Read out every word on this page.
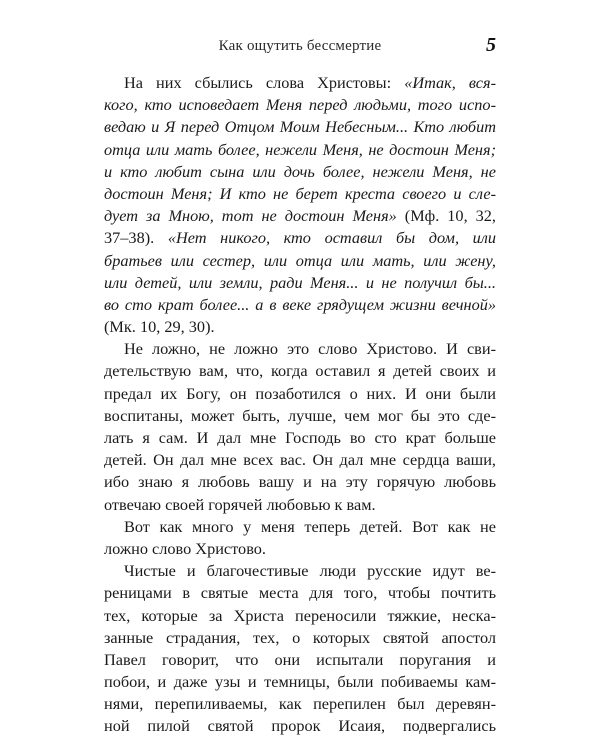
Как ощутить бессмертие	5
На них сбылись слова Христовы: «Итак, вся-
кого, кто исповедает Меня перед людьми, того испо-
ведаю и Я перед Отцом Моим Небесным... Кто любит
отца или мать более, нежели Меня, не достоин Меня;
и кто любит сына или дочь более, нежели Меня, не
достоин Меня; И кто не берет креста своего и сле-
дует за Мною, тот не достоин Меня» (Мф. 10, 32,
37–38). «Нет никого, кто оставил бы дом, или
братьев или сестер, или отца или мать, или жену,
или детей, или земли, ради Меня... и не получил бы...
во сто крат более... а в веке грядущем жизни вечной»
(Мк. 10, 29, 30).
Не ложно, не ложно это слово Христово. И сви-
детельствую вам, что, когда оставил я детей своих и
предал их Богу, он позаботился о них. И они были
воспитаны, может быть, лучше, чем мог бы это сде-
лать я сам. И дал мне Господь во сто крат больше
детей. Он дал мне всех вас. Он дал мне сердца ваши,
ибо знаю я любовь вашу и на эту горячую любовь
отвечаю своей горячей любовью к вам.
Вот как много у меня теперь детей. Вот как не
ложно слово Христово.
Чистые и благочестивые люди русские идут ве-
реницами в святые места для того, чтобы почтить
тех, которые за Христа переносили тяжкие, неска-
занные страдания, тех, о которых святой апостол
Павел говорит, что они испытали поругания и
побои, и даже узы и темницы, были побиваемы кам-
нями, перепиливаемы, как перепилен был деревян-
ной пилой святой пророк Исаия, подвергались
